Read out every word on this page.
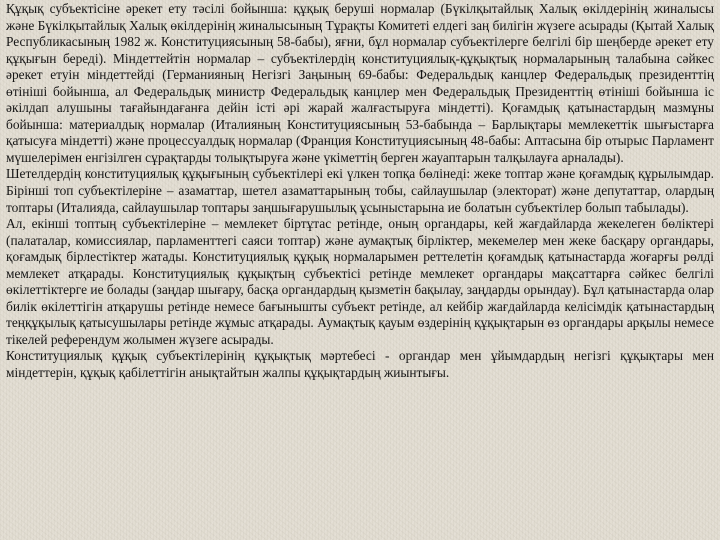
Құқық субъектісіне әрекет ету тәсілі бойынша: құқық беруші нормалар (Бүкілқытайлық Халық өкілдерінің жиналысы және Бүкілқытайлық Халық өкілдерінің жиналысының Тұрақты Комитеті елдегі заң билігін жүзеге асырады (Қытай Халық Республикасының 1982 ж. Конституциясының 58-бабы), яғни, бұл нормалар субъектілерге белгілі бір шеңберде әрекет ету құқығын береді). Міндеттейтін нормалар – субъектілердің конституциялық-құқықтық нормаларының талабына сәйкес әрекет етуін міндеттейді (Германияның Негізгі Заңының 69-бабы: Федеральдық канцлер Федеральдық президенттің өтініші бойынша, ал Федеральдық министр Федеральдық канцлер мен Федеральдық Президенттің өтініші бойынша іс әкілдап алушыны тағайындағанға дейін істі әрі жарай жалғастыруға міндетті). Қоғамдық қатынастардың мазмұны бойынша: материалдық нормалар (Италияның Конституциясының 53-бабында – Барлықтары мемлекеттік шығыстарға қатысуға міндетті) және процессуалдық нормалар (Франция Конституциясының 48-бабы: Аптасына бір отырыс Парламент мүшелерімен енгізілген сұрақтарды толықтыруға және үкіметтің берген жауаптарын талқылауға арналады).

Шетелдердің конституциялық құқығының субъектілері екі үлкен топқа бөлінеді: жеке топтар және қоғамдық құрылымдар. Бірінші топ субъектілеріне – азаматтар, шетел азаматтарының тобы, сайлаушылар (электорат) және депутаттар, олардың топтары (Италияда, сайлаушылар топтары заңшығарушылық ұсыныстарына ие болатын субъектілер болып табылады).

Ал, екінші топтың субъектілеріне – мемлекет біртұтас ретінде, оның органдары, кей жағдайларда жекелеген бөліктері (палаталар, комиссиялар, парламенттегі саяси топтар) және аумақтық бірліктер, мекемелер мен жеке басқару органдары, қоғамдық бірлестіктер жатады. Конституциялық құқық нормаларымен реттелетін қоғамдық қатынастарда жоғарғы рөлді мемлекет атқарады. Конституциялық құқықтың субъектісі ретінде мемлекет органдары мақсаттарға сәйкес белгілі өкілеттіктерге ие болады (заңдар шығару, басқа органдардың қызметін бақылау, заңдарды орындау). Бұл қатынастарда олар билік өкілеттігін атқарушы ретінде немесе бағынышты субъект ретінде, ал кейбір жағдайларда келісімдік қатынастардың теңқұқылық қатысушылары ретінде жұмыс атқарады. Аумақтық қауым өздерінің құқықтарын өз органдары арқылы немесе тікелей референдум жолымен жүзеге асырады.

Конституциялық құқық субъектілерінің құқықтық мәртебесі - органдар мен ұйымдардың негізгі құқықтары мен міндеттерін, құқық қабілеттігін анықтайтын жалпы құқықтардың жиынтығы.
